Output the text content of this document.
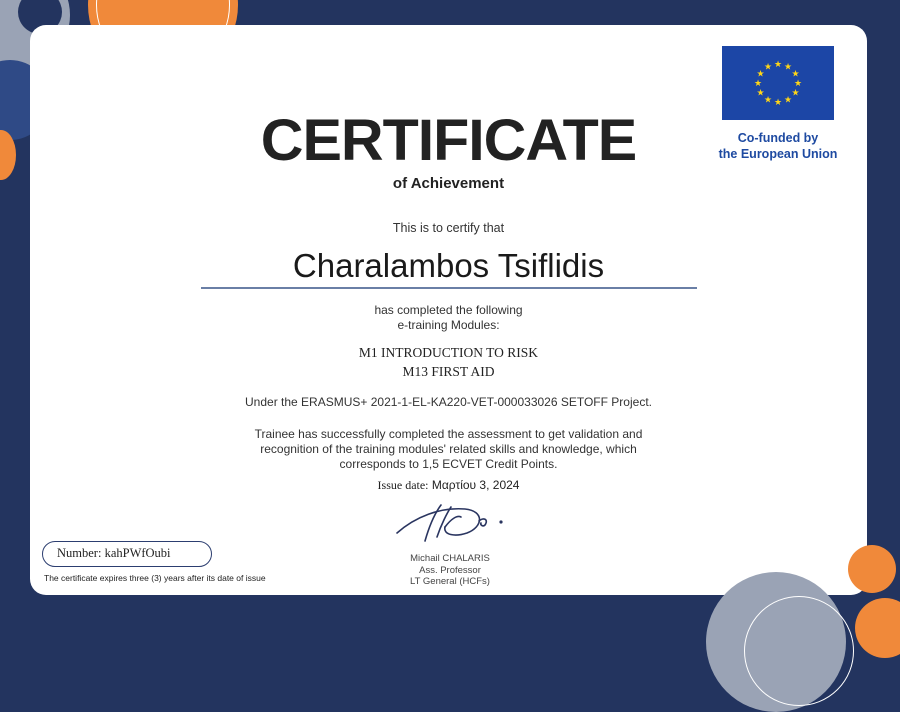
★ ★
★
★
★
★
★
★
★
★
★
★
Co-funded by
the European Union
CERTIFICATE
of Achievement
This is to certify that
Charalambos Tsiflidis
has completed the following
e-training Modules:
M1 INTRODUCTION TO RISK
M13 FIRST AID
Under the ERASMUS+ 2021-1-EL-KA220-VET-000033026 SETOFF Project.
Trainee has successfully completed the assessment to get validation and
recognition of the training modules' related skills and knowledge, which
corresponds to 1,5 ECVET Credit Points.
Issue date: Μαρτίου 3, 2024
Michail CHALARIS
Ass. Professor
LT General (HCFs)
Number: kahPWfOubi
The certificate expires three (3) years after its date of issue
